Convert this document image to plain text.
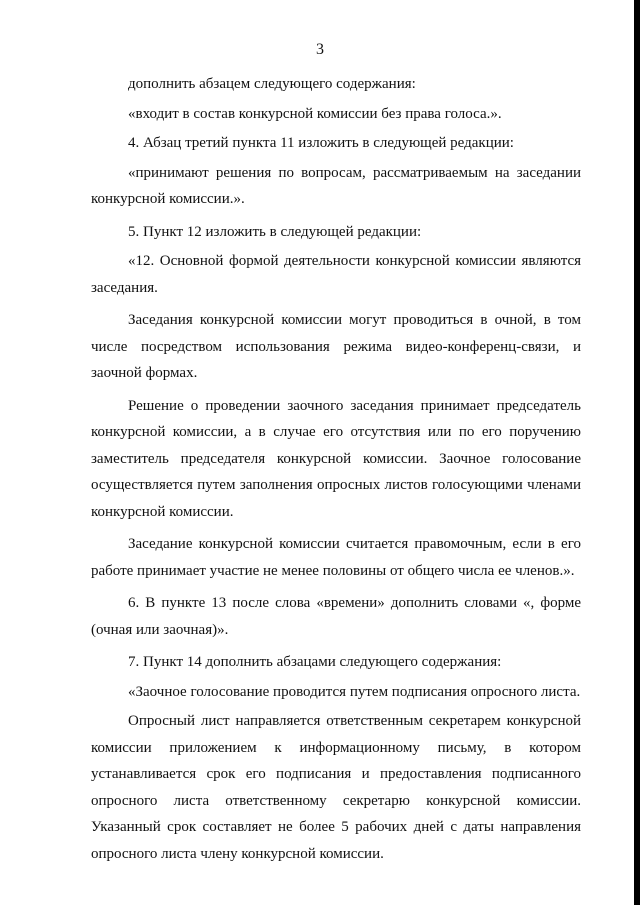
3

дополнить абзацем следующего содержания:

«входит в состав конкурсной комиссии без права голоса.».

4. Абзац третий пункта 11 изложить в следующей редакции:

«принимают решения по вопросам, рассматриваемым на заседании конкурсной комиссии.».

5. Пункт 12 изложить в следующей редакции:

«12. Основной формой деятельности конкурсной комиссии являются заседания.

Заседания конкурсной комиссии могут проводиться в очной, в том числе посредством использования режима видео-конференц-связи, и заочной формах.

Решение о проведении заочного заседания принимает председатель конкурсной комиссии, а в случае его отсутствия или по его поручению заместитель председателя конкурсной комиссии. Заочное голосование осуществляется путем заполнения опросных листов голосующими членами конкурсной комиссии.

Заседание конкурсной комиссии считается правомочным, если в его работе принимает участие не менее половины от общего числа ее членов.».

6. В пункте 13 после слова «времени» дополнить словами «, форме (очная или заочная)».

7. Пункт 14 дополнить абзацами следующего содержания:

«Заочное голосование проводится путем подписания опросного листа.

Опросный лист направляется ответственным секретарем конкурсной комиссии приложением к информационному письму, в котором устанавливается срок его подписания и предоставления подписанного опросного листа ответственному секретарю конкурсной комиссии. Указанный срок составляет не более 5 рабочих дней с даты направления опросного листа члену конкурсной комиссии.
